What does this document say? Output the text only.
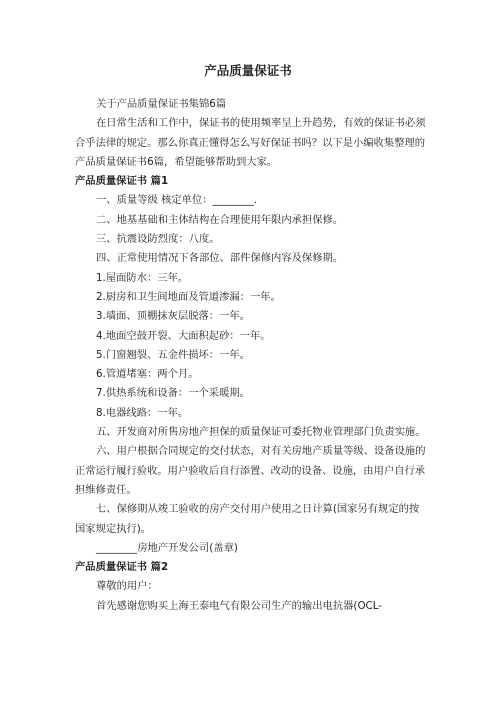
产品质量保证书

关于产品质量保证书集锦6篇

在日常生活和工作中，保证书的使用频率呈上升趋势，有效的保证书必须合乎法律的规定。那么你真正懂得怎么写好保证书吗？以下是小编收集整理的产品质量保证书6篇，希望能够帮助到大家。

产品质量保证书 篇1

一、质量等级 核定单位：________.

二、地基基础和主体结构在合理使用年限内承担保修。

三、抗震设防烈度：八度。

四、正常使用情况下各部位、部件保修内容及保修期。

1.屋面防水：三年。

2.厨房和卫生间地面及管道渗漏：一年。

3.墙面、顶棚抹灰层脱落：一年。

4.地面空鼓开裂、大面积起砂：一年。

5.门窗翘裂、五金件损坏：一年。

6.管道堵塞：两个月。

7.供热系统和设备：一个采暖期。

8.电器线路：一年。

五、开发商对所售房地产担保的质量保证可委托物业管理部门负责实施。

六、用户根据合同规定的交付状态，对有关房地产质量等级、设备设施的正常运行履行验收。用户验收后自行添置、改动的设备、设施，由用户自行承担维修责任。

七、保修期从竣工验收的房产交付用户使用之日计算(国家另有规定的按国家规定执行)。

________房地产开发公司(盖章)

产品质量保证书 篇2

尊敬的用户：

首先感谢您购买上海王泰电气有限公司生产的输出电抗器(OCL-
